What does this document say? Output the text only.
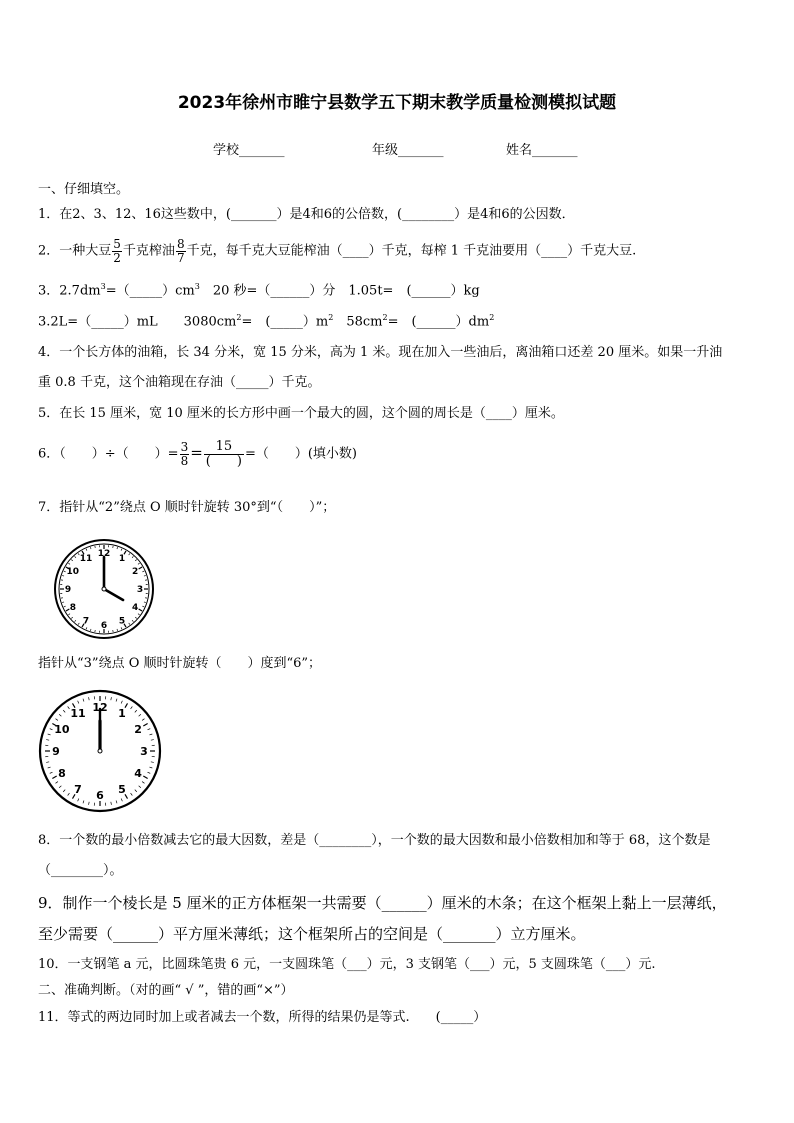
2023年徐州市睢宁县数学五下期末教学质量检测模拟试题
学校_______	年级_______	姓名_______
一、仔细填空。
1．在2、3、12、16这些数中，(_______）是4和6的公倍数，(________）是4和6的公因数．
2．一种大豆 $\frac{5}{2}$ 千克榨油 $\frac{8}{7}$ 千克，每千克大豆能榨油（____）千克，每榨 1 千克油要用（____）千克大豆.
3．$2.7dm^3=(\_\_\_\_\_)cm^3$　20 秒=（______）分　1.05t=　(______）kg
3.2L=（_____）mL　　$3080cm^2=$　$(\_\_\_\_\_)m^2$　$58cm^2=$　$(\_\_\_\_\_\_)dm^2$
4．一个长方体的油箱，长 34 分米，宽 15 分米，高为 1 米。现在加入一些油后，离油箱口还差 20 厘米。如果一升油
重 0.8 千克，这个油箱现在存油（_____）千克。
5．在长 15 厘米，宽 10 厘米的长方形中画一个最大的圆，这个圆的周长是（____）厘米。
6．（　　）÷（　　）= $\frac{3}{8} = \frac{15}{( )}$ =（　　）(填小数)
7．指针从“2”绕点 O 顺时针旋转 30°到“（　　）”；
12 1
2
3
4
5
6
7
8
9
10
11
指针从“3”绕点 O 顺时针旋转（　　）度到“6”；
12 1
2
3
4
5
6
7
8
9
10
11
8．一个数的最小倍数减去它的最大因数，差是（________），一个数的最大因数和最小倍数相加和等于 68，这个数是
（________）。
9．制作一个棱长是 5 厘米的正方体框架一共需要（______）厘米的木条；在这个框架上黏上一层薄纸，
至少需要（______）平方厘米薄纸；这个框架所占的空间是（_______）立方厘米。
10．一支钢笔 a 元，比圆珠笔贵 6 元，一支圆珠笔（___）元，3 支钢笔（___）元，5 支圆珠笔（___）元.
二、准确判断。（对的画“ √ ”，错的画“×”）
11．等式的两边同时加上或者减去一个数，所得的结果仍是等式.　　(_____）
